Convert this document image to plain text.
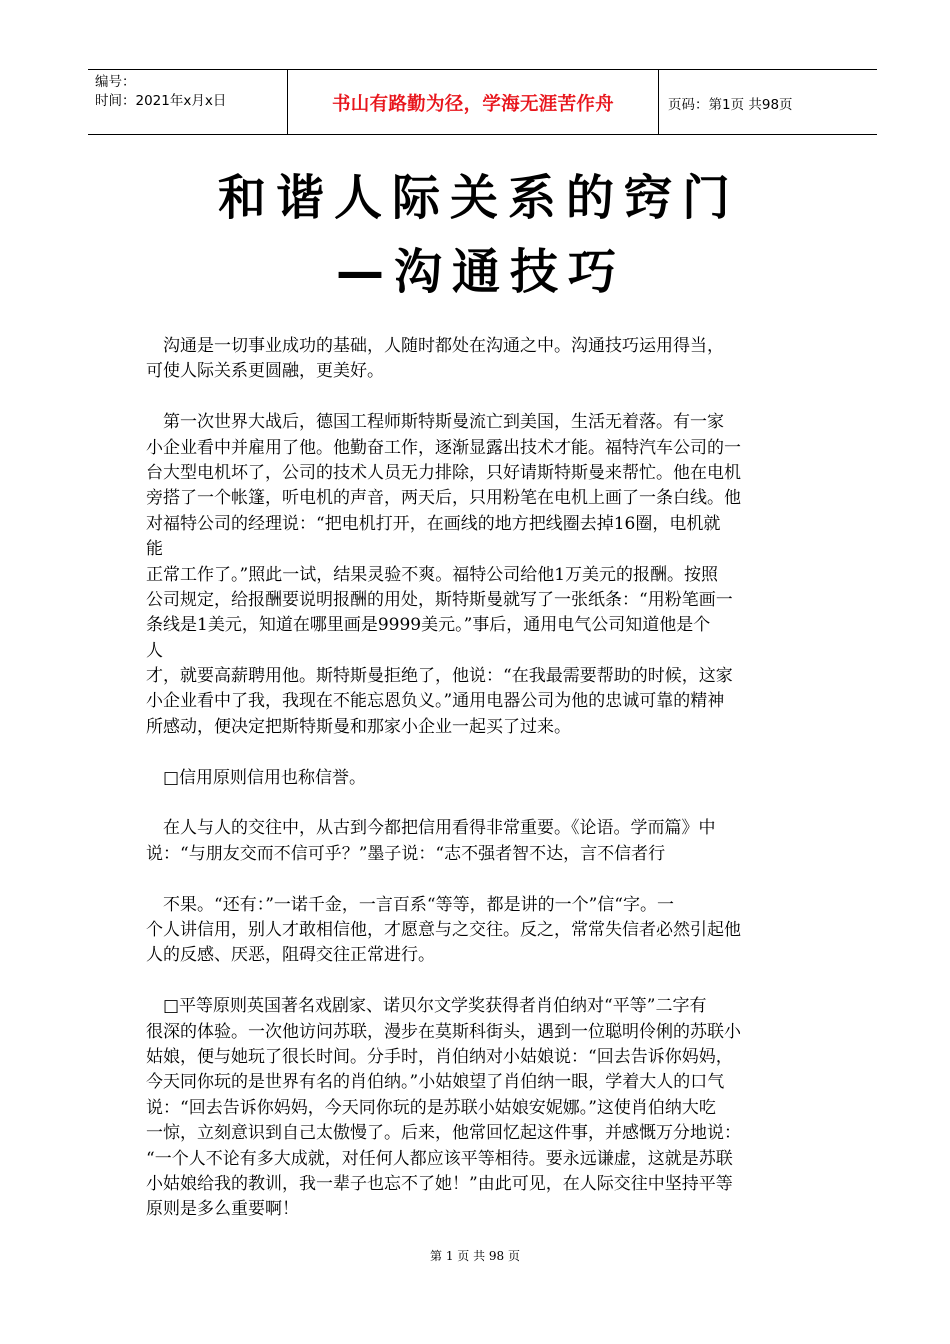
编号：
时间：2021年x月x日	书山有路勤为径，学海无涯苦作舟	页码：第1页 共98页
和谐人际关系的窍门
—沟通技巧

沟通是一切事业成功的基础，人随时都处在沟通之中。沟通技巧运用得当，
可使人际关系更圆融，更美好。

第一次世界大战后，德国工程师斯特斯曼流亡到美国，生活无着落。有一家
小企业看中并雇用了他。他勤奋工作，逐渐显露出技术才能。福特汽车公司的一
台大型电机坏了，公司的技术人员无力排除，只好请斯特斯曼来帮忙。他在电机
旁搭了一个帐篷，听电机的声音，两天后，只用粉笔在电机上画了一条白线。他
对福特公司的经理说：“把电机打开，在画线的地方把线圈去掉16圈，电机就
能
正常工作了。”照此一试，结果灵验不爽。福特公司给他1万美元的报酬。按照
公司规定，给报酬要说明报酬的用处，斯特斯曼就写了一张纸条：“用粉笔画一
条线是1美元，知道在哪里画是9999美元。”事后，通用电气公司知道他是个
人
才，就要高薪聘用他。斯特斯曼拒绝了，他说：“在我最需要帮助的时候，这家
小企业看中了我，我现在不能忘恩负义。”通用电器公司为他的忠诚可靠的精神
所感动，便决定把斯特斯曼和那家小企业一起买了过来。

□信用原则信用也称信誉。

在人与人的交往中，从古到今都把信用看得非常重要。《论语。学而篇》中
说：“与朋友交而不信可乎？”墨子说：“志不强者智不达，言不信者行

不果。“还有：”一诺千金，一言百系“等等，都是讲的一个”信“字。一
个人讲信用，别人才敢相信他，才愿意与之交往。反之，常常失信者必然引起他
人的反感、厌恶，阻碍交往正常进行。

□平等原则英国著名戏剧家、诺贝尔文学奖获得者肖伯纳对“平等”二字有
很深的体验。一次他访问苏联，漫步在莫斯科街头，遇到一位聪明伶俐的苏联小
姑娘，便与她玩了很长时间。分手时，肖伯纳对小姑娘说：“回去告诉你妈妈，
今天同你玩的是世界有名的肖伯纳。”小姑娘望了肖伯纳一眼，学着大人的口气
说：“回去告诉你妈妈，今天同你玩的是苏联小姑娘安妮娜。”这使肖伯纳大吃
一惊，立刻意识到自己太傲慢了。后来，他常回忆起这件事，并感慨万分地说：
“一个人不论有多大成就，对任何人都应该平等相待。要永远谦虚，这就是苏联
小姑娘给我的教训，我一辈子也忘不了她！”由此可见，在人际交往中坚持平等
原则是多么重要啊！

第 1 页 共 98 页
